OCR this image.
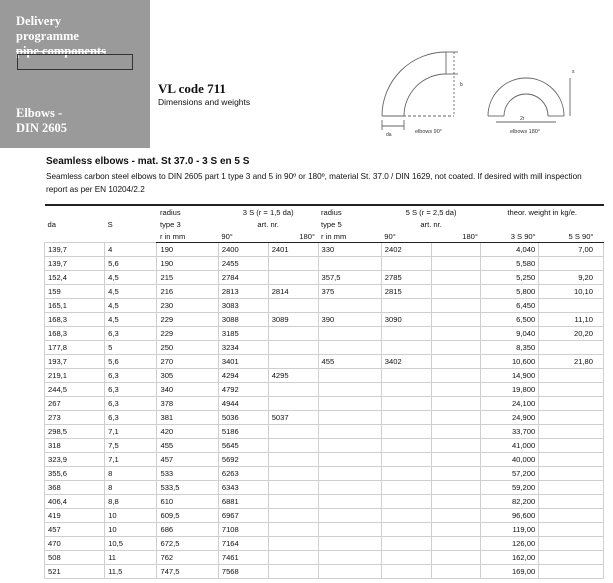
Delivery
programme
pipe components
Elbows -
DIN 2605
VL code 711
Dimensions and weights
da
b
s
2r
elbows 90°	elbows 180°
Seamless elbows - mat. St 37.0 - 3 S en 5 S
Seamless carbon steel elbows to DIN 2605 part 1 type 3 and 5 in 90º or 180º, material St. 37.0 / DIN 1629, not coated. If desired with mill inspection report as per EN 10204/2.2
da	S	radius	3 S (r = 1,5 da)		radius	5 S (r = 2,5 da)		theor. weight in kg/e.	
		type 3	art. nr.		type 5	art. nr.			
		r in mm	90°	180°	r in mm	90°	180°	3 S 90°	5 S 90°
139,7	4	190	2400	2401	330	2402		4,040	7,00
139,7	5,6	190	2455					5,580	
152,4	4,5	215	2784		357,5	2785		5,250	9,20
159	4,5	216	2813	2814	375	2815		5,800	10,10
165,1	4,5	230	3083					6,450	
168,3	4,5	229	3088	3089	390	3090		6,500	11,10
168,3	6,3	229	3185					9,040	20,20
177,8	5	250	3234					8,350	
193,7	5,6	270	3401		455	3402		10,600	21,80
219,1	6,3	305	4294	4295				14,900	
244,5	6,3	340	4792					19,800	
267	6,3	378	4944					24,100	
273	6,3	381	5036	5037				24,900	
298,5	7,1	420	5186					33,700	
318	7,5	455	5645					41,000	
323,9	7,1	457	5692					40,000	
355,6	8	533	6263					57,200	
368	8	533,5	6343					59,200	
406,4	8,8	610	6881					82,200	
419	10	609,5	6967					96,600	
457	10	686	7108					119,00	
470	10,5	672,5	7164					126,00	
508	11	762	7461					162,00	
521	11,5	747,5	7568					169,00	
